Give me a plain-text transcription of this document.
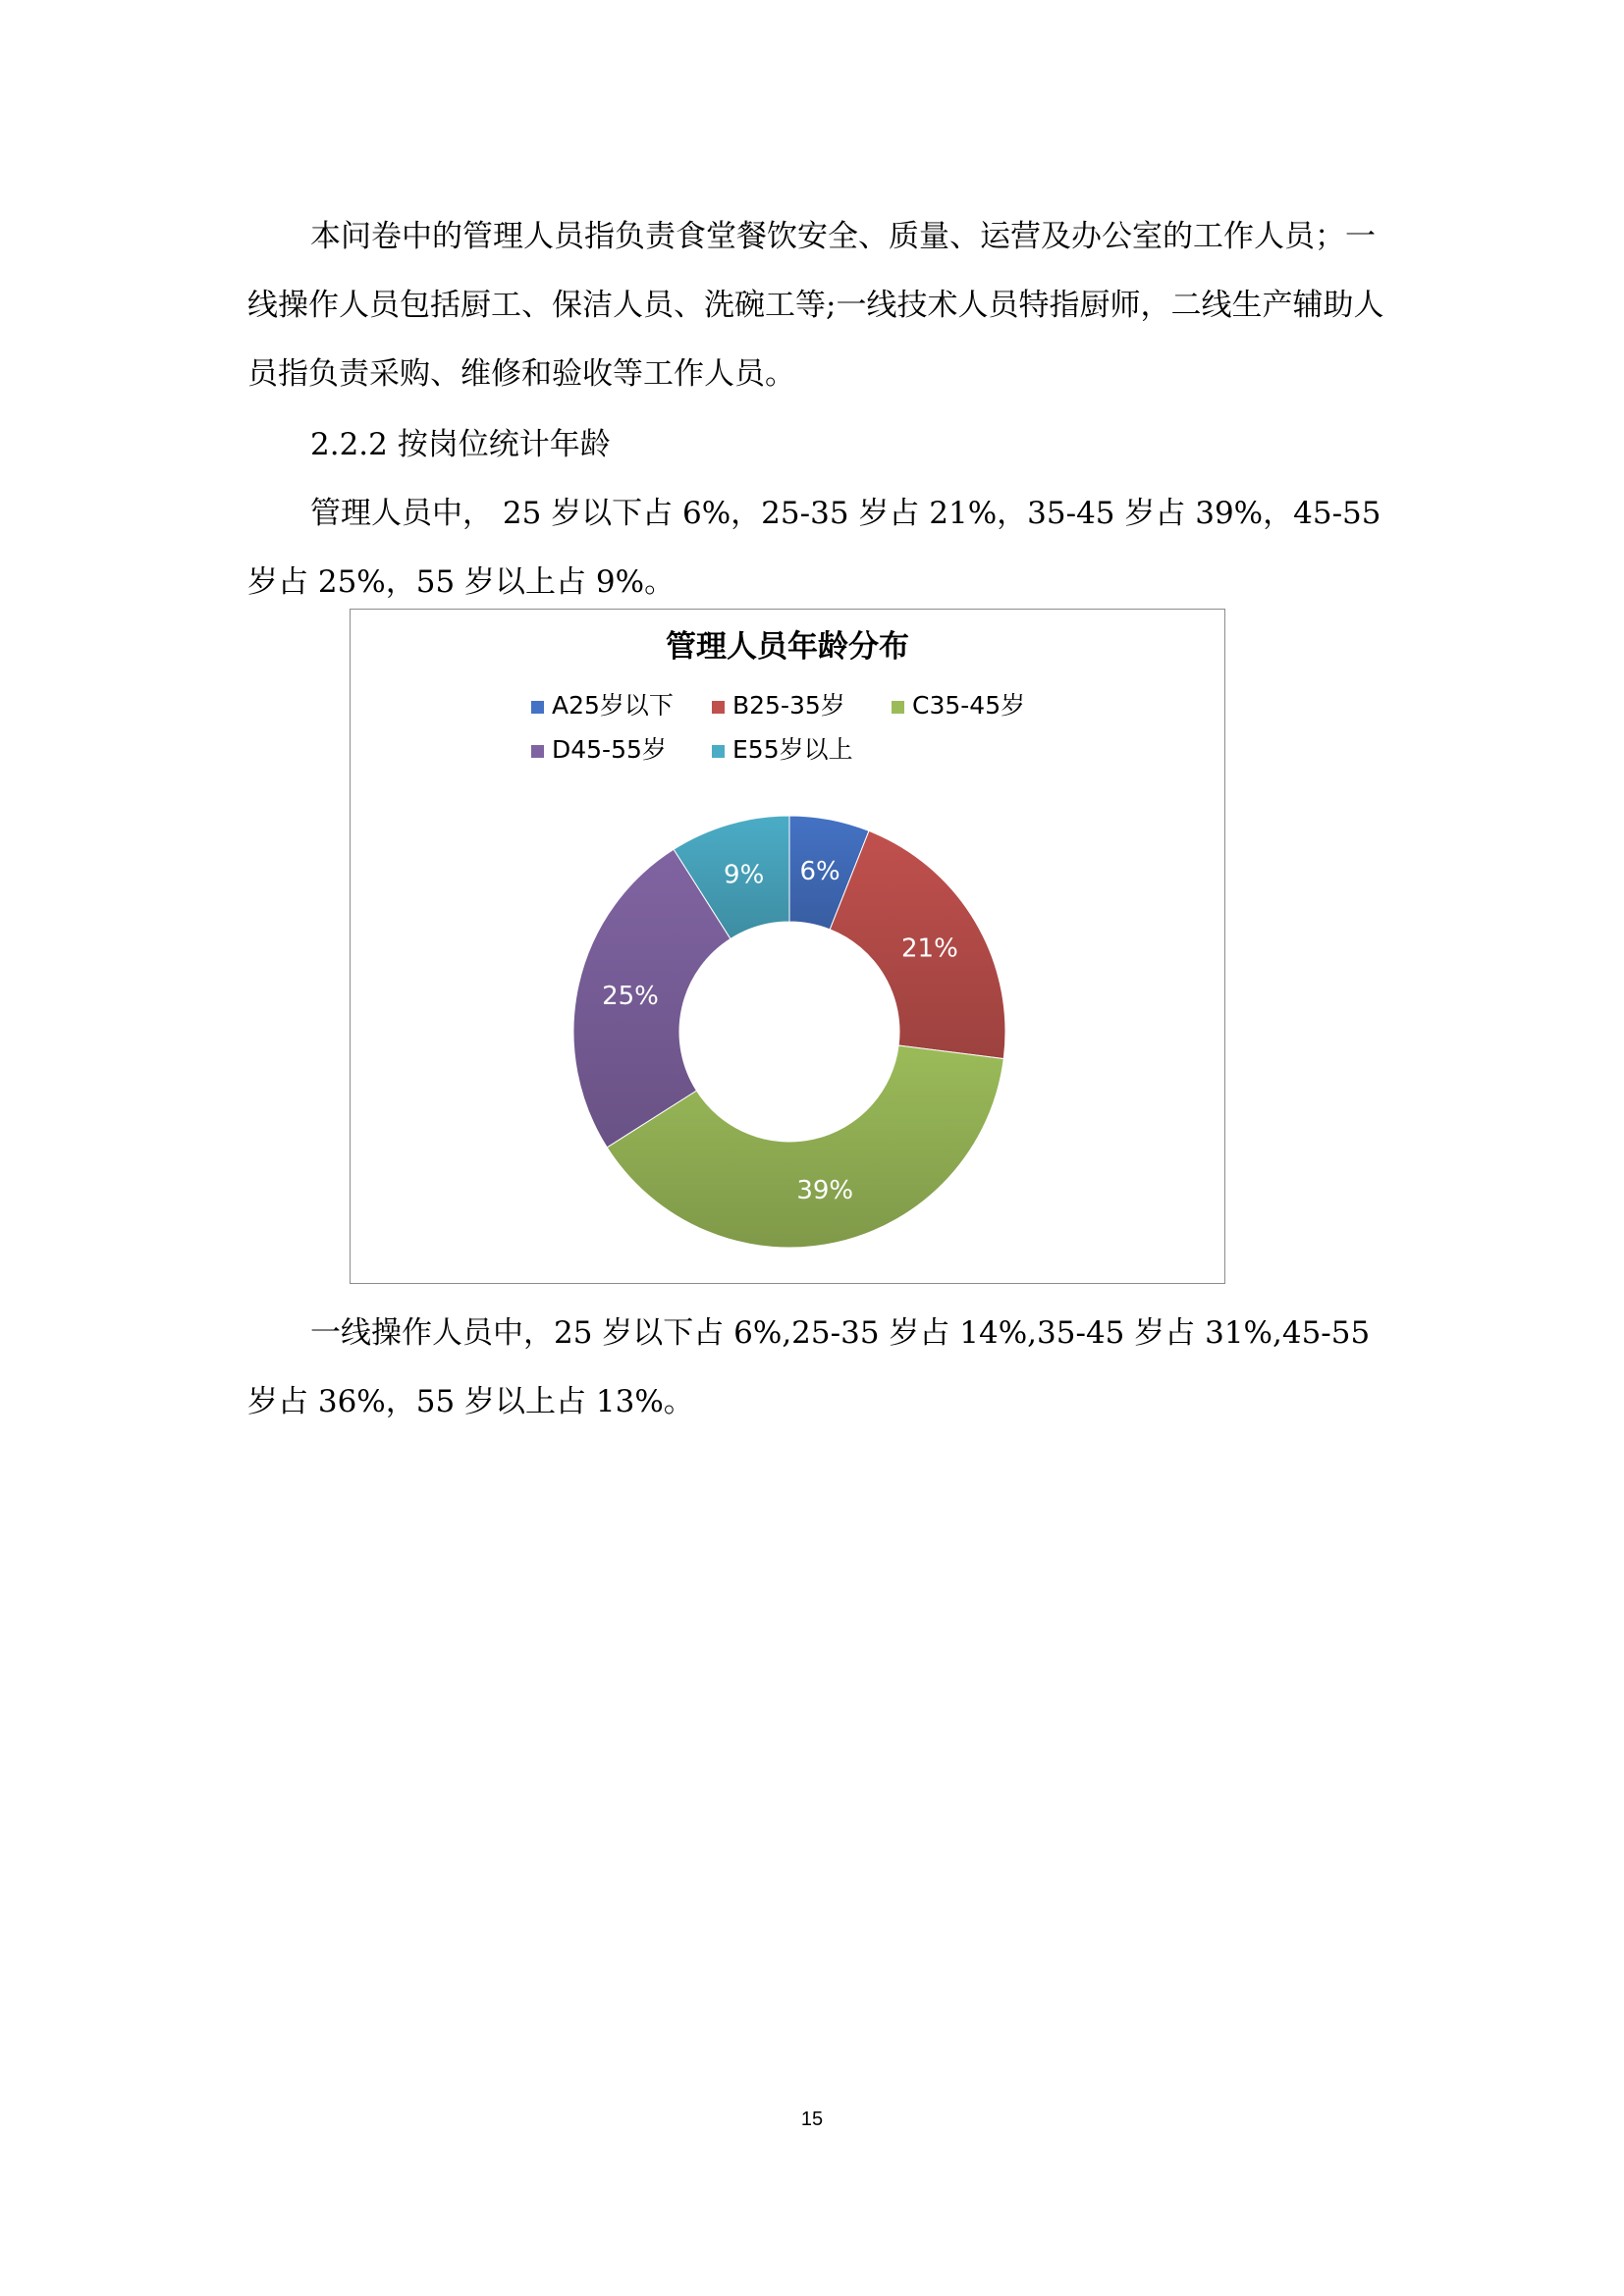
本问卷中的管理人员指负责食堂餐饮安全、质量、运营及办公室的工作人员；一线操作人员包括厨工、保洁人员、洗碗工等;一线技术人员特指厨师，二线生产辅助人员指负责采购、维修和验收等工作人员。

2.2.2 按岗位统计年龄

管理人员中， 25 岁以下占 6%，25-35 岁占 21%，35-45 岁占 39%，45-55 岁占 25%，55 岁以上占 9%。

管理人员年龄分布
A25岁以下	B25-35岁	C35-45岁
D45-55岁	E55岁以上
6%
21%
39%
25%
9%

一线操作人员中，25 岁以下占 6%,25-35 岁占 14%,35-45 岁占 31%,45-55 岁占 36%，55 岁以上占 13%。

15
